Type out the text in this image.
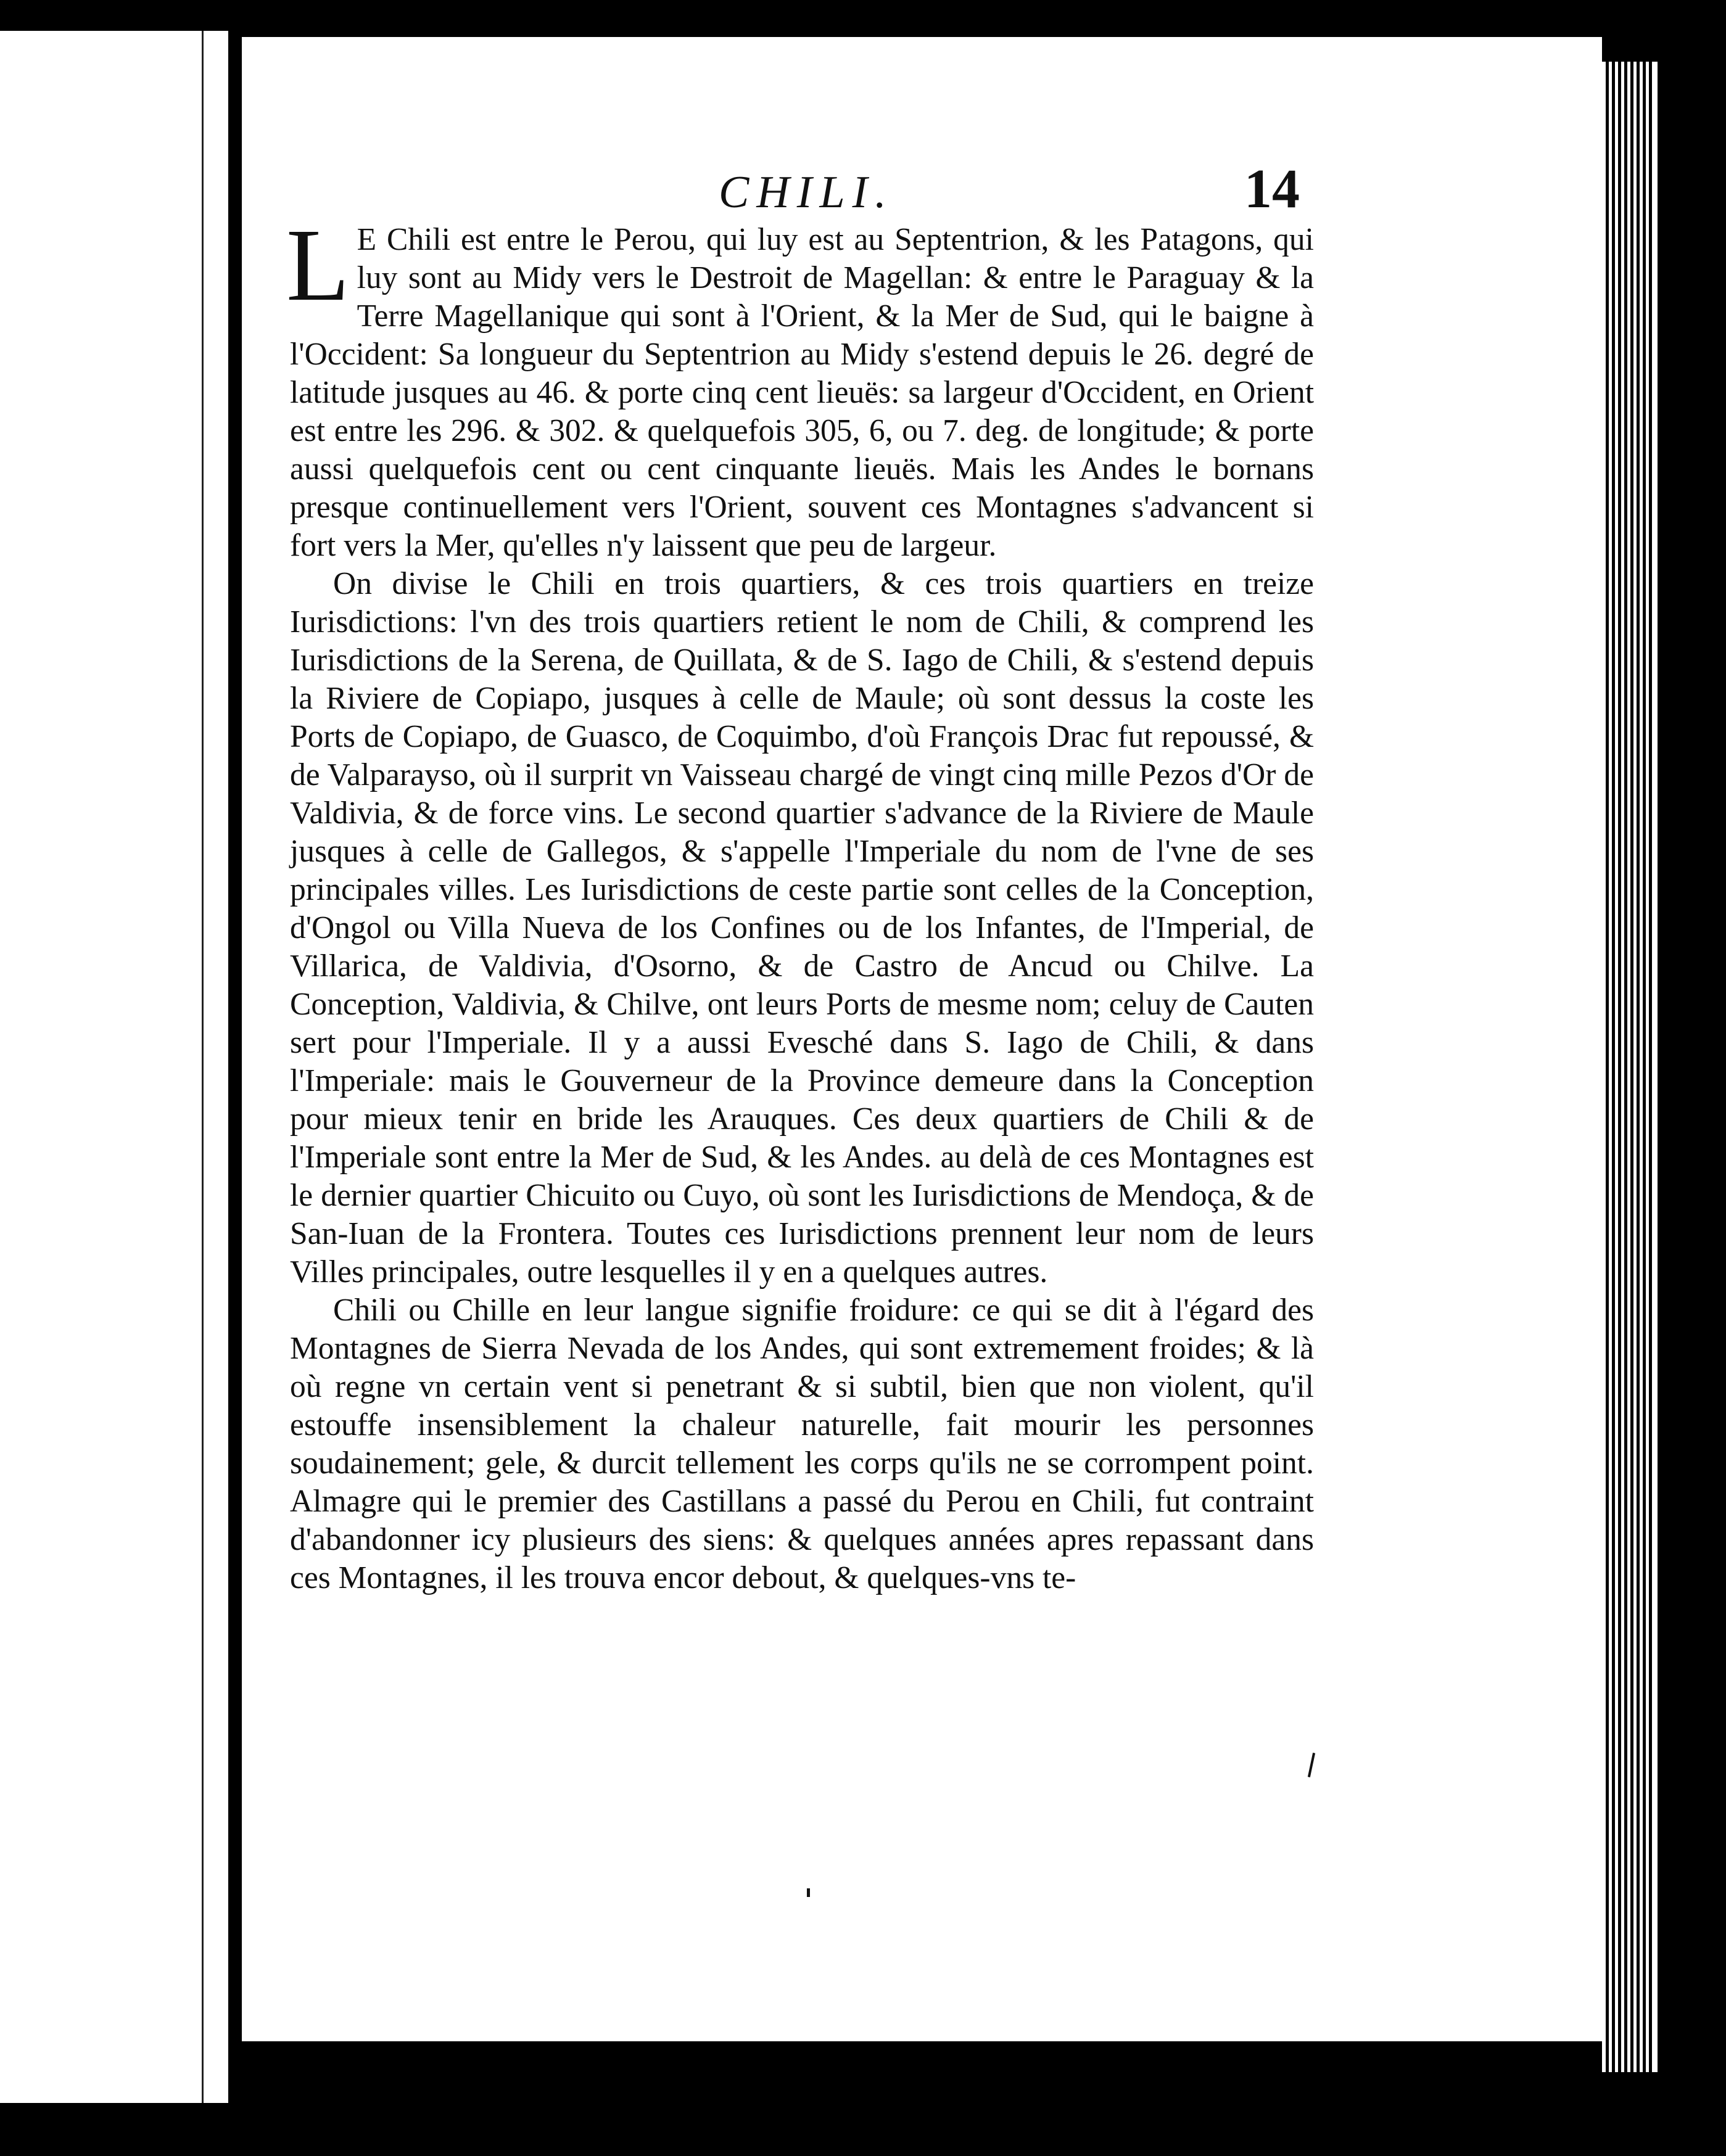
CHILI.	14

L E Chili est entre le Perou, qui luy est au Septentrion, & les Patagons, qui luy sont au Midy vers le Destroit de Magellan: & entre le Paraguay & la Terre Magellanique qui sont à l'Orient, & la Mer de Sud, qui le baigne à l'Occident: Sa longueur du Septentrion au Midy s'estend depuis le 26. degré de latitude jusques au 46. & porte cinq cent lieuës: sa largeur d'Occident, en Orient est entre les 296. & 302. & quelquefois 305, 6, ou 7. deg. de longitude; & porte aussi quelquefois cent ou cent cinquante lieuës. Mais les Andes le bornans presque continuellement vers l'Orient, souvent ces Montagnes s'advancent si fort vers la Mer, qu'elles n'y laissent que peu de largeur.

On divise le Chili en trois quartiers, & ces trois quartiers en treize Iurisdictions: l'vn des trois quartiers retient le nom de Chili, & comprend les Iurisdictions de la Serena, de Quillata, & de S. Iago de Chili, & s'estend depuis la Riviere de Copiapo, jusques à celle de Maule; où sont dessus la coste les Ports de Copiapo, de Guasco, de Coquimbo, d'où François Drac fut repoussé, & de Valparayso, où il surprit vn Vaisseau chargé de vingt cinq mille Pezos d'Or de Valdivia, & de force vins. Le second quartier s'advance de la Riviere de Maule jusques à celle de Gallegos, & s'appelle l'Imperiale du nom de l'vne de ses principales villes. Les Iurisdictions de ceste partie sont celles de la Conception, d'Ongol ou Villa Nueva de los Confines ou de los Infantes, de l'Imperial, de Villarica, de Valdivia, d'Osorno, & de Castro de Ancud ou Chilve. La Conception, Valdivia, & Chilve, ont leurs Ports de mesme nom; celuy de Cauten sert pour l'Imperiale. Il y a aussi Evesché dans S. Iago de Chili, & dans l'Imperiale: mais le Gouverneur de la Province demeure dans la Conception pour mieux tenir en bride les Arauques. Ces deux quartiers de Chili & de l'Imperiale sont entre la Mer de Sud, & les Andes. au delà de ces Montagnes est le dernier quartier Chicuito ou Cuyo, où sont les Iurisdictions de Mendoça, & de San-Iuan de la Frontera. Toutes ces Iurisdictions prennent leur nom de leurs Villes principales, outre lesquelles il y en a quelques autres.

Chili ou Chille en leur langue signifie froidure: ce qui se dit à l'égard des Montagnes de Sierra Nevada de los Andes, qui sont extremement froides; & là où regne vn certain vent si penetrant & si subtil, bien que non violent, qu'il estouffe insensiblement la chaleur naturelle, fait mourir les personnes soudainement; gele, & durcit tellement les corps qu'ils ne se corrompent point. Almagre qui le premier des Castillans a passé du Perou en Chili, fut contraint d'abandonner icy plusieurs des siens: & quelques années apres repassant dans ces Montagnes, il les trouva encor debout, & quelques-vns te-
